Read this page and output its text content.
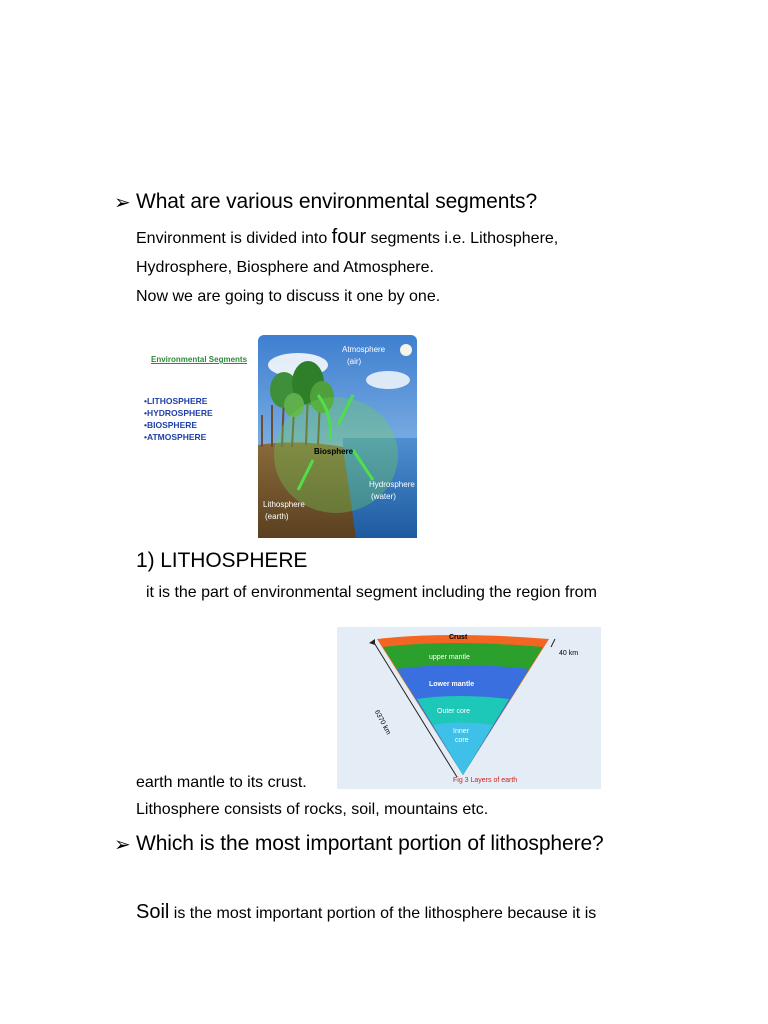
➢ What are various environmental segments?
Environment is divided into four segments i.e. Lithosphere,
Hydrosphere, Biosphere and Atmosphere.
Now we are going to discuss it one by one.
Environmental Segments
•LITHOSPHERE
•HYDROSPHERE
•BIOSPHERE
•ATMOSPHERE
Atmosphere
(air)
Biosphere
Hydrosphere
(water)
Lithosphere
(earth)
1) LITHOSPHERE
it is the part of environmental segment including the region from
Crust
upper mantle
Lower mantle
Outer core
Inner
core
40 km
6370 km
Fig 3 Layers of earth
earth mantle to its crust.
Lithosphere consists of rocks, soil, mountains etc.
➢ Which is the most important portion of lithosphere?
Soil is the most important portion of the lithosphere because it is
